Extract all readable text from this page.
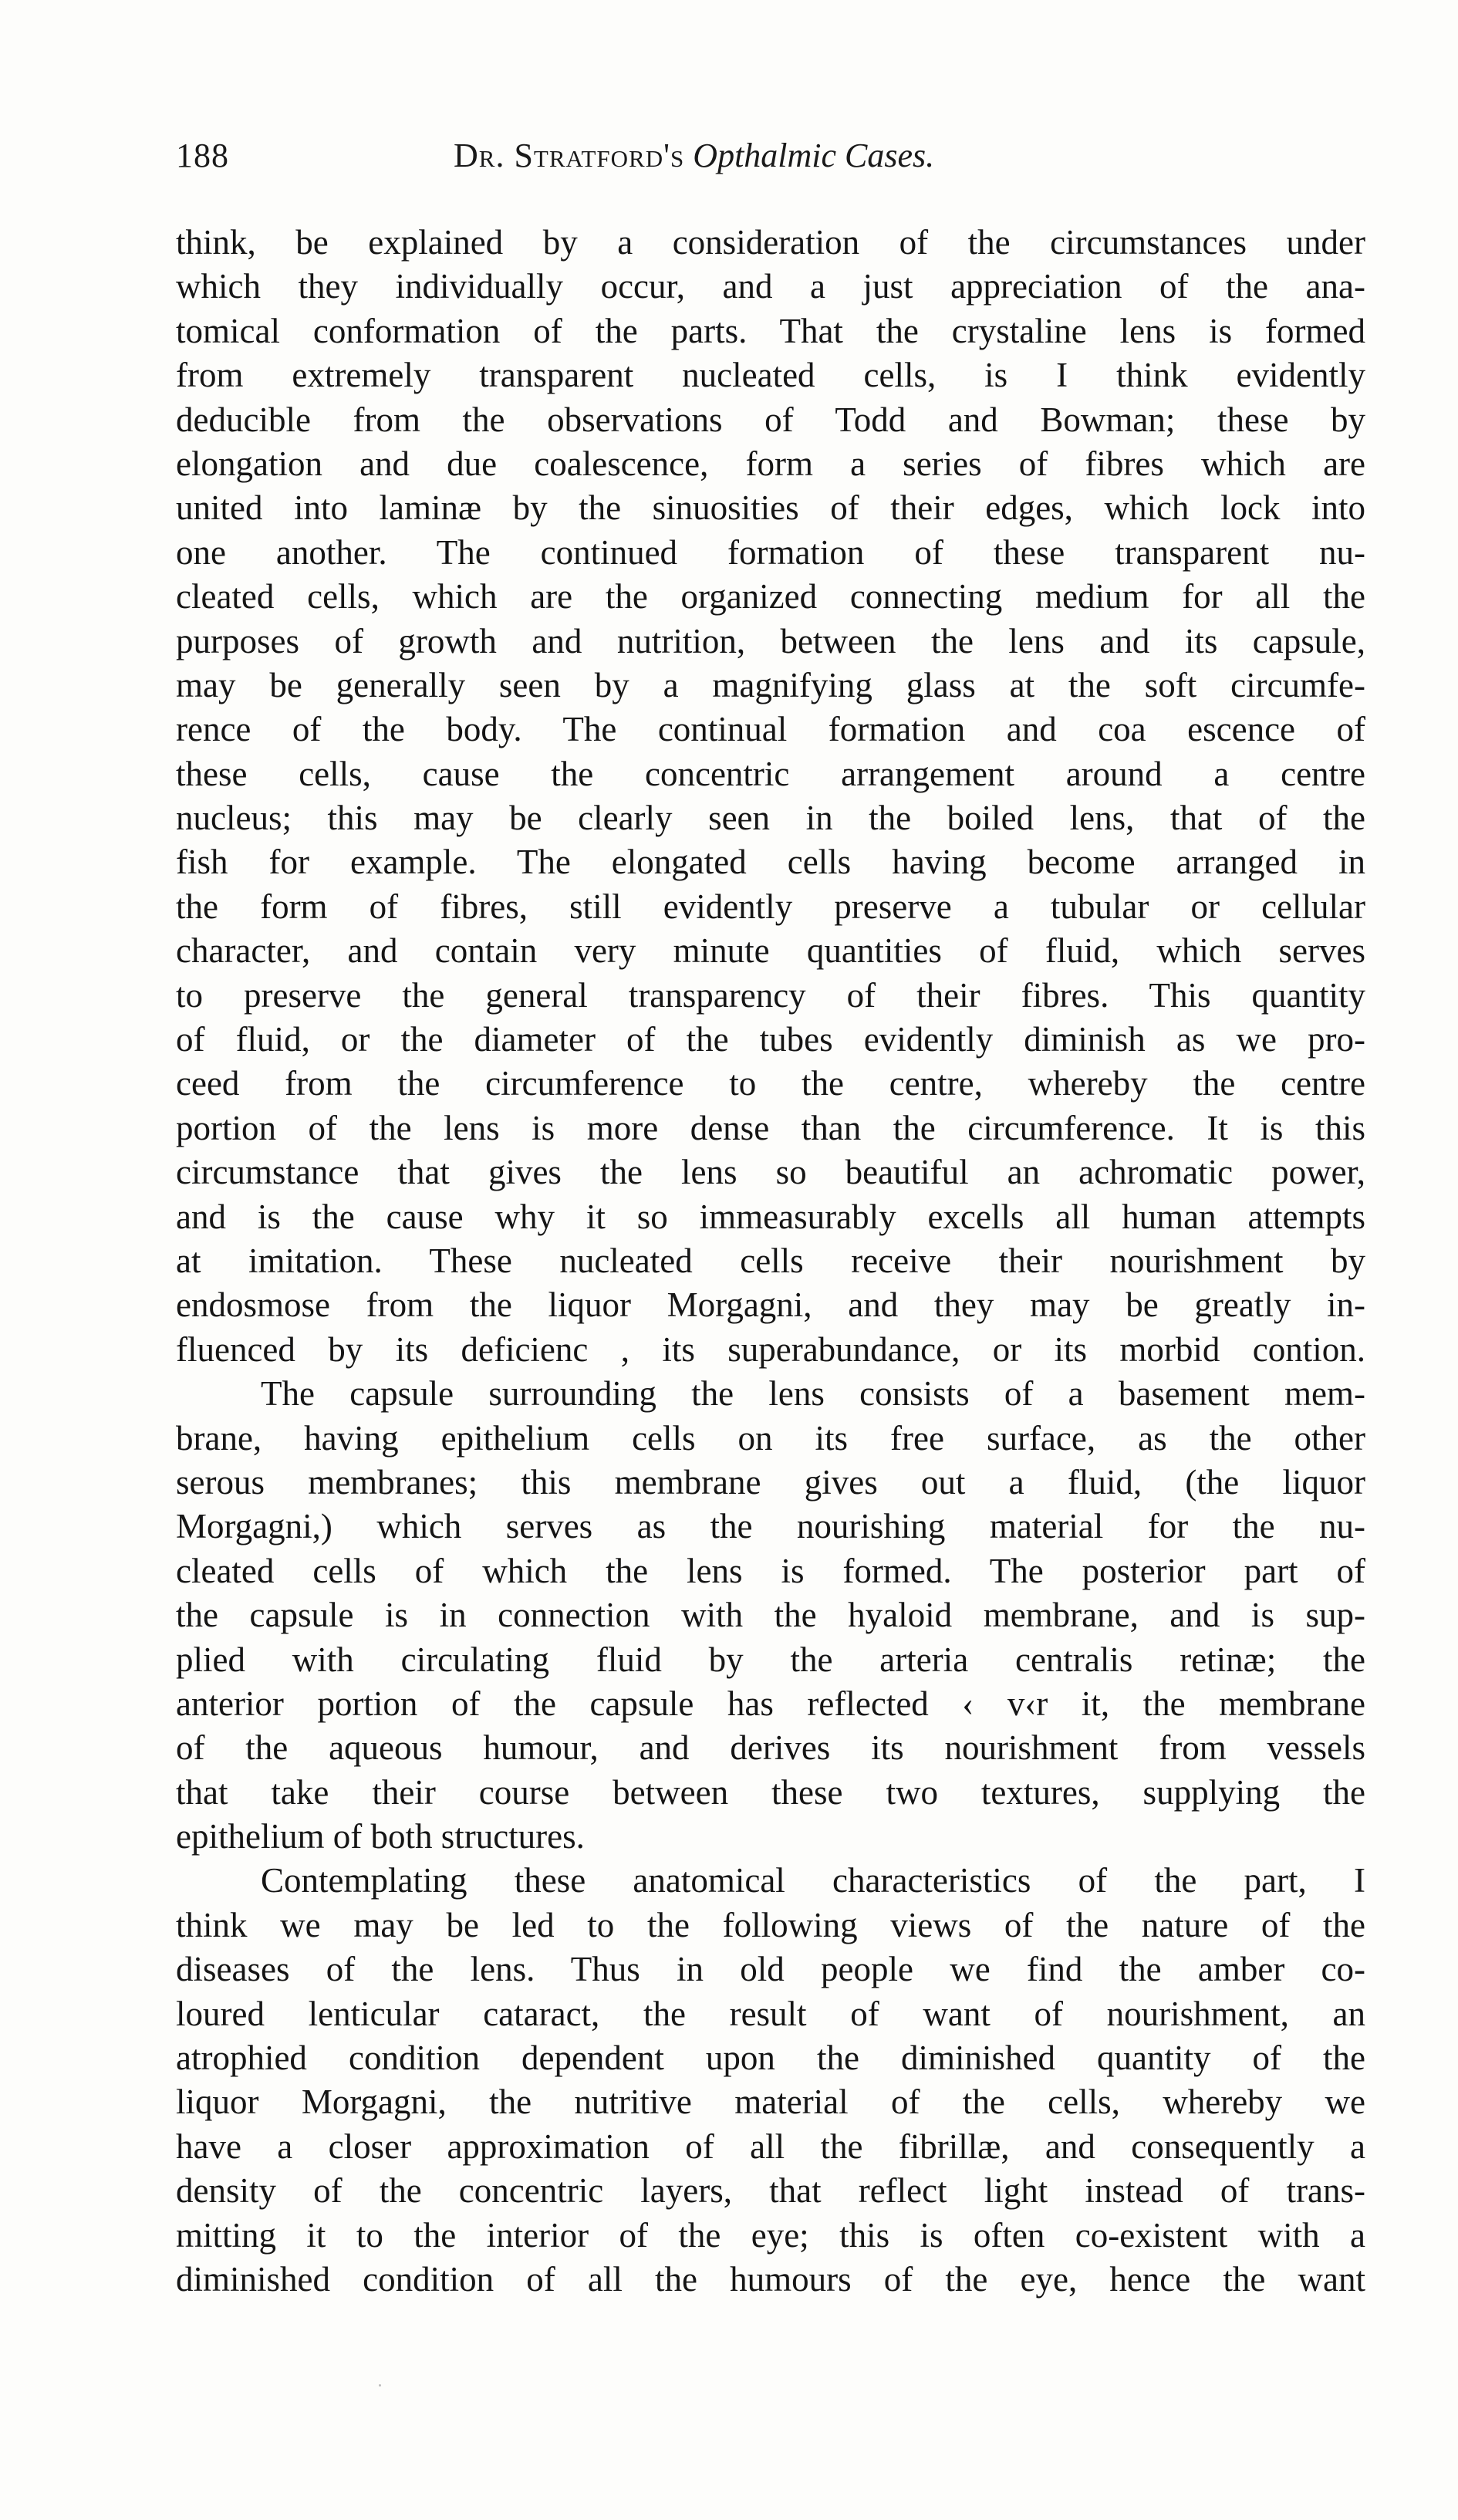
188	Dr. Stratford's Opthalmic Cases.
think, be explained by a consideration of the circumstances under
which they individually occur, and a just appreciation of the ana-
tomical conformation of the parts. That the crystaline lens is formed
from extremely transparent nucleated cells, is I think evidently
deducible from the observations of Todd and Bowman; these by
elongation and due coalescence, form a series of fibres which are
united into laminæ by the sinuosities of their edges, which lock into
one another. The continued formation of these transparent nu-
cleated cells, which are the organized connecting medium for all the
purposes of growth and nutrition, between the lens and its capsule,
may be generally seen by a magnifying glass at the soft circumfe-
rence of the body. The continual formation and coa escence of
these cells, cause the concentric arrangement around a centre
nucleus; this may be clearly seen in the boiled lens, that of the
fish for example. The elongated cells having become arranged in
the form of fibres, still evidently preserve a tubular or cellular
character, and contain very minute quantities of fluid, which serves
to preserve the general transparency of their fibres. This quantity
of fluid, or the diameter of the tubes evidently diminish as we pro-
ceed from the circumference to the centre, whereby the centre
portion of the lens is more dense than the circumference. It is this
circumstance that gives the lens so beautiful an achromatic power,
and is the cause why it so immeasurably excells all human attempts
at imitation. These nucleated cells receive their nourishment by
endosmose from the liquor Morgagni, and they may be greatly in-
fluenced by its deficienc , its superabundance, or its morbid contion.
The capsule surrounding the lens consists of a basement mem-
brane, having epithelium cells on its free surface, as the other
serous membranes; this membrane gives out a fluid, (the liquor
Morgagni,) which serves as the nourishing material for the nu-
cleated cells of which the lens is formed. The posterior part of
the capsule is in connection with the hyaloid membrane, and is sup-
plied with circulating fluid by the arteria centralis retinæ; the
anterior portion of the capsule has reflected ‹ v‹r it, the membrane
of the aqueous humour, and derives its nourishment from vessels
that take their course between these two textures, supplying the
epithelium of both structures.
Contemplating these anatomical characteristics of the part, I
think we may be led to the following views of the nature of the
diseases of the lens. Thus in old people we find the amber co-
loured lenticular cataract, the result of want of nourishment, an
atrophied condition dependent upon the diminished quantity of the
liquor Morgagni, the nutritive material of the cells, whereby we
have a closer approximation of all the fibrillæ, and consequently a
density of the concentric layers, that reflect light instead of trans-
mitting it to the interior of the eye; this is often co-existent with a
diminished condition of all the humours of the eye, hence the want
